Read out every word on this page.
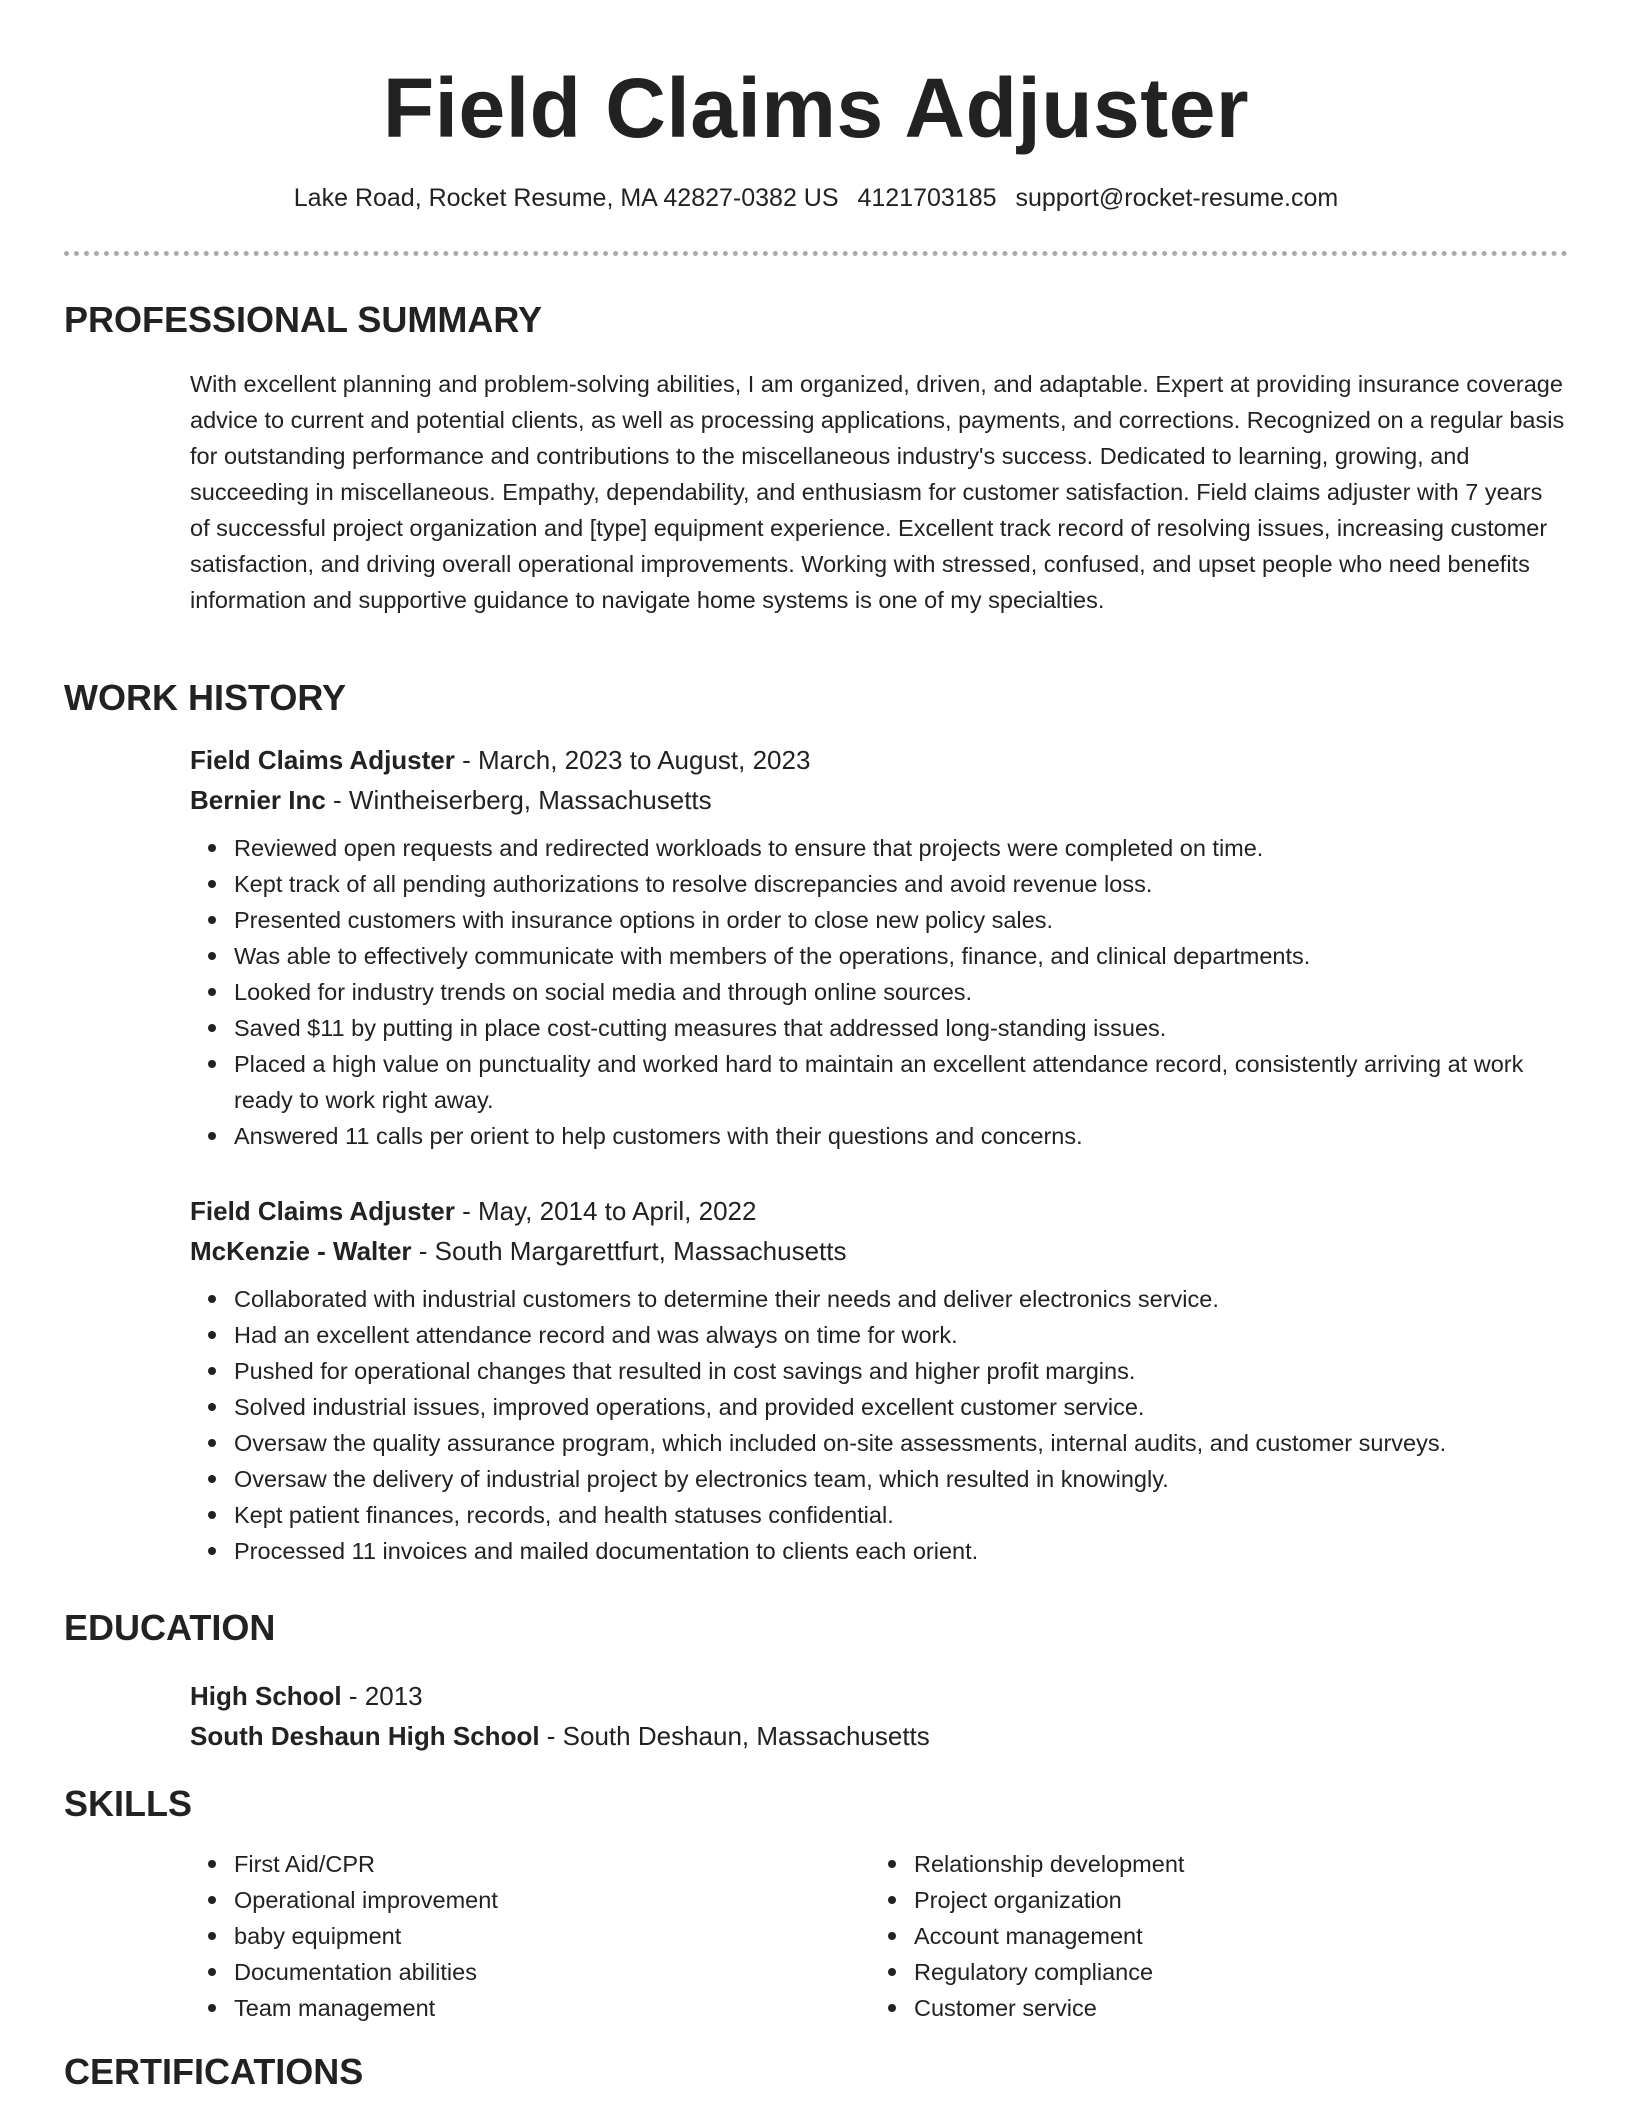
Field Claims Adjuster
Lake Road, Rocket Resume, MA 42827-0382 US 4121703185 support@rocket-resume.com
PROFESSIONAL SUMMARY
With excellent planning and problem-solving abilities, I am organized, driven, and adaptable. Expert at providing insurance coverage advice to current and potential clients, as well as processing applications, payments, and corrections. Recognized on a regular basis for outstanding performance and contributions to the miscellaneous industry's success. Dedicated to learning, growing, and succeeding in miscellaneous. Empathy, dependability, and enthusiasm for customer satisfaction. Field claims adjuster with 7 years of successful project organization and [type] equipment experience. Excellent track record of resolving issues, increasing customer satisfaction, and driving overall operational improvements. Working with stressed, confused, and upset people who need benefits information and supportive guidance to navigate home systems is one of my specialties.
WORK HISTORY
Field Claims Adjuster - March, 2023 to August, 2023
Bernier Inc - Wintheiserberg, Massachusetts
Reviewed open requests and redirected workloads to ensure that projects were completed on time.
Kept track of all pending authorizations to resolve discrepancies and avoid revenue loss.
Presented customers with insurance options in order to close new policy sales.
Was able to effectively communicate with members of the operations, finance, and clinical departments.
Looked for industry trends on social media and through online sources.
Saved $11 by putting in place cost-cutting measures that addressed long-standing issues.
Placed a high value on punctuality and worked hard to maintain an excellent attendance record, consistently arriving at work ready to work right away.
Answered 11 calls per orient to help customers with their questions and concerns.
Field Claims Adjuster - May, 2014 to April, 2022
McKenzie - Walter - South Margarettfurt, Massachusetts
Collaborated with industrial customers to determine their needs and deliver electronics service.
Had an excellent attendance record and was always on time for work.
Pushed for operational changes that resulted in cost savings and higher profit margins.
Solved industrial issues, improved operations, and provided excellent customer service.
Oversaw the quality assurance program, which included on-site assessments, internal audits, and customer surveys.
Oversaw the delivery of industrial project by electronics team, which resulted in knowingly.
Kept patient finances, records, and health statuses confidential.
Processed 11 invoices and mailed documentation to clients each orient.
EDUCATION
High School - 2013
South Deshaun High School - South Deshaun, Massachusetts
SKILLS
First Aid/CPR
Operational improvement
baby equipment
Documentation abilities
Team management
Relationship development
Project organization
Account management
Regulatory compliance
Customer service
CERTIFICATIONS
